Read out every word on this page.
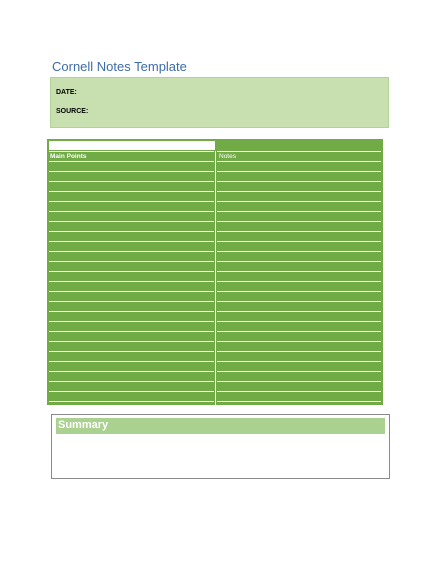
Cornell Notes Template
DATE:
SOURCE:
Main Points	Notes
Summary
